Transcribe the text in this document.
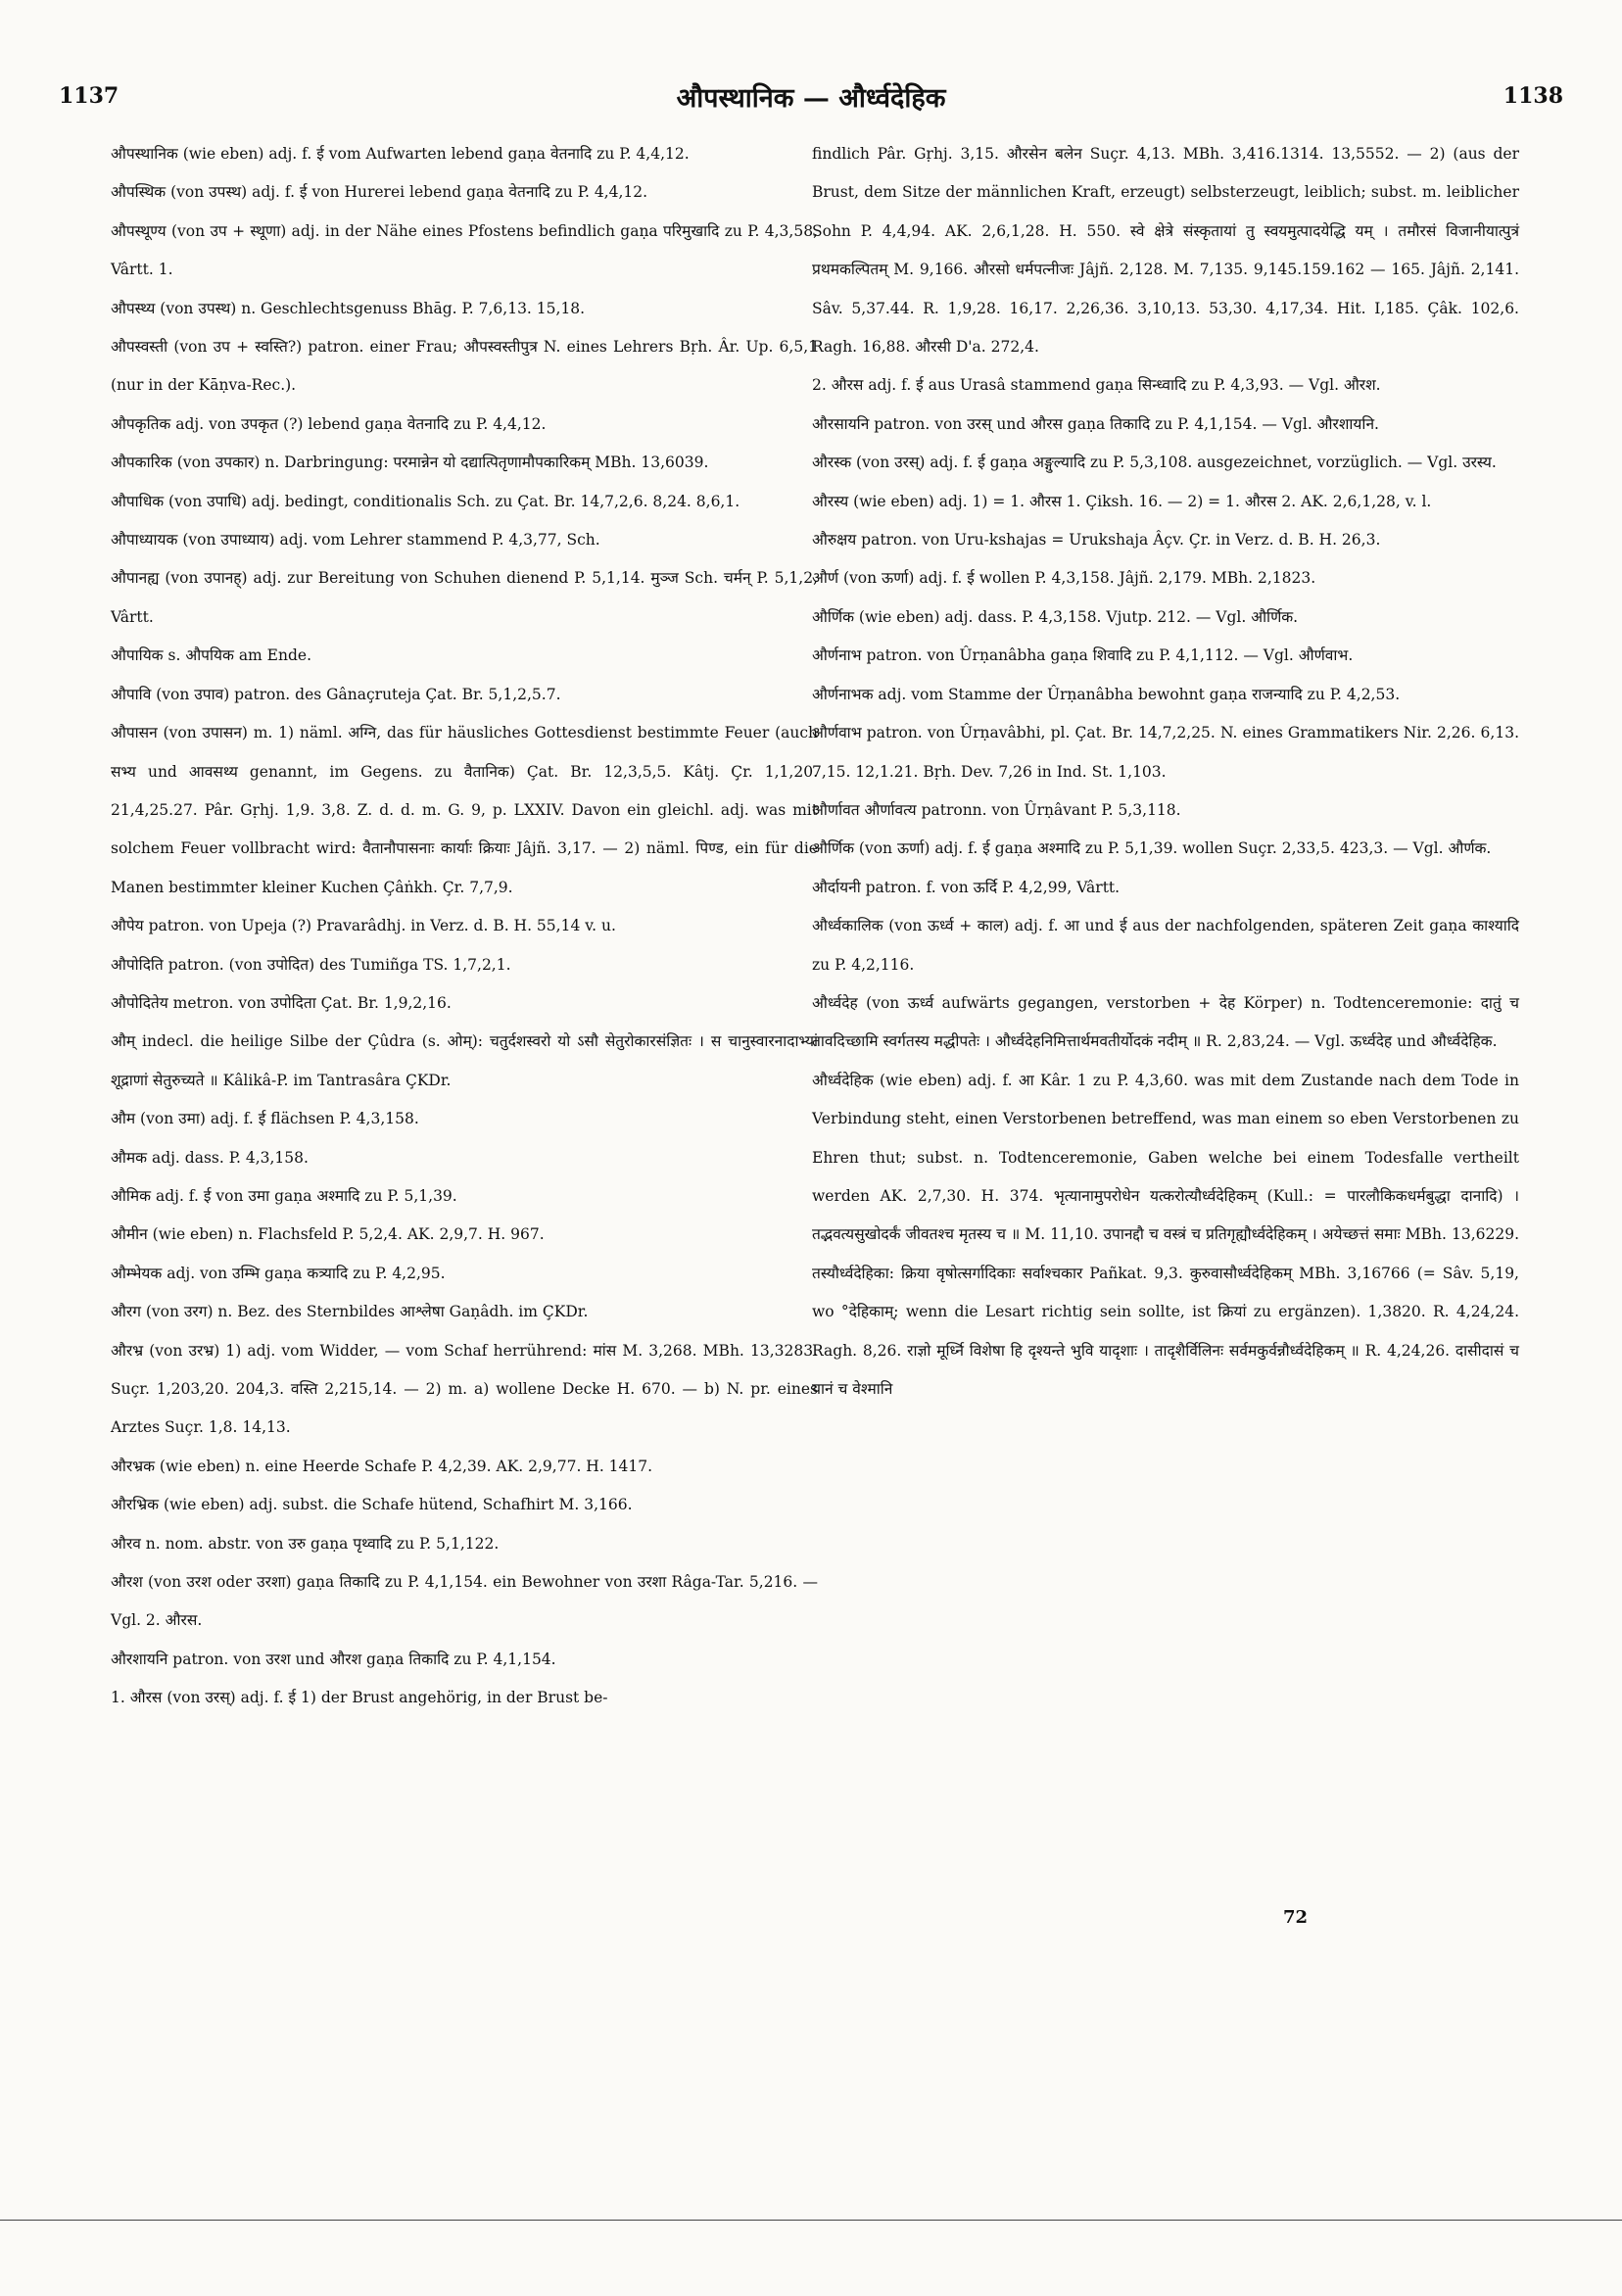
1137	औपस्थानिक — और्ध्वदेहिक	1138

औपस्थानिक (wie eben) adj. f. ई vom Aufwarten lebend gaṇa वेतनादि zu P. 4,4,12.

औपस्थिक (von उपस्थ) adj. f. ई von Hurerei lebend gaṇa वेतनादि zu P. 4,4,12.

औपस्थूण्य (von उप + स्थूणा) adj. in der Nähe eines Pfostens befindlich gaṇa परिमुखादि zu P. 4,3,58, Vârtt. 1.

औपस्थ्य (von उपस्थ) n. Geschlechtsgenuss Bhāg. P. 7,6,13. 15,18.

औपस्वस्ती (von उप + स्वस्ति?) patron. einer Frau; औपस्वस्तीपुत्र N. eines Lehrers Bṛh. Âr. Up. 6,5,1 (nur in der Kāṇva-Rec.).

औपकृतिक adj. von उपकृत (?) lebend gaṇa वेतनादि zu P. 4,4,12.

औपकारिक (von उपकार) n. Darbringung: परमान्नेन यो दद्यात्पितृणामौपकारिकम् MBh. 13,6039.

औपाधिक (von उपाधि) adj. bedingt, conditionalis Sch. zu Çat. Br. 14,7,2,6. 8,24. 8,6,1.

औपाध्यायक (von उपाध्याय) adj. vom Lehrer stammend P. 4,3,77, Sch.

औपानह्य (von उपानह्) adj. zur Bereitung von Schuhen dienend P. 5,1,14. मुञ्ज Sch. चर्मन् P. 5,1,2, Vârtt.

औपायिक s. औपयिक am Ende.

औपावि (von उपाव) patron. des Gânaçruteja Çat. Br. 5,1,2,5.7.

औपासन (von उपासन) m. 1) näml. अग्नि, das für häusliches Gottesdienst bestimmte Feuer (auch सभ्य und आवसथ्य genannt, im Gegens. zu वैतानिक) Çat. Br. 12,3,5,5. Kâtj. Çr. 1,1,20. 21,4,25.27. Pâr. Gṛhj. 1,9. 3,8. Z. d. d. m. G. 9, p. LXXIV. Davon ein gleichl. adj. was mit solchem Feuer vollbracht wird: वैतानौपासनाः कार्याः क्रियाः Jâjñ. 3,17. — 2) näml. पिण्ड, ein für die Manen bestimmter kleiner Kuchen Çâṅkh. Çr. 7,7,9.

औपेय patron. von Upeja (?) Pravarâdhj. in Verz. d. B. H. 55,14 v. u.

औपोदिति patron. (von उपोदित) des Tumiñga TS. 1,7,2,1.

औपोदितेय metron. von उपोदिता Çat. Br. 1,9,2,16.

औम् indecl. die heilige Silbe der Çûdra (s. ओम्): चतुर्दशस्वरो यो ऽसौ सेतुरोकारसंज्ञितः । स चानुस्वारनादाभ्यां शूद्राणां सेतुरुच्यते ॥ Kâlikâ-P. im Tantrasâra ÇKDr.

औम (von उमा) adj. f. ई flächsen P. 4,3,158.

औमक adj. dass. P. 4,3,158.

औमिक adj. f. ई von उमा gaṇa अश्मादि zu P. 5,1,39.

औमीन (wie eben) n. Flachsfeld P. 5,2,4. AK. 2,9,7. H. 967.

औम्भेयक adj. von उम्भि gaṇa कत्र्यादि zu P. 4,2,95.

औरग (von उरग) n. Bez. des Sternbildes आश्लेषा Gaṇâdh. im ÇKDr.

औरभ्र (von उरभ्र) 1) adj. vom Widder, — vom Schaf herrührend: मांस M. 3,268. MBh. 13,3283. Suçr. 1,203,20. 204,3. वस्ति 2,215,14. — 2) m. a) wollene Decke H. 670. — b) N. pr. eines Arztes Suçr. 1,8. 14,13.

औरभ्रक (wie eben) n. eine Heerde Schafe P. 4,2,39. AK. 2,9,77. H. 1417.

औरभ्रिक (wie eben) adj. subst. die Schafe hütend, Schafhirt M. 3,166.

औरव n. nom. abstr. von उरु gaṇa पृथ्वादि zu P. 5,1,122.

औरश (von उरश oder उरशा) gaṇa तिकादि zu P. 4,1,154. ein Bewohner von उरशा Râga-Tar. 5,216. — Vgl. 2. औरस.

औरशायनि patron. von उरश und औरश gaṇa तिकादि zu P. 4,1,154.

1. औरस (von उरस्) adj. f. ई 1) der Brust angehörig, in der Brust be-

findlich Pâr. Gṛhj. 3,15. औरसेन बलेन Suçr. 4,13. MBh. 3,416.1314. 13,5552. — 2) (aus der Brust, dem Sitze der männlichen Kraft, erzeugt) selbsterzeugt, leiblich; subst. m. leiblicher Sohn P. 4,4,94. AK. 2,6,1,28. H. 550. स्वे क्षेत्रे संस्कृतायां तु स्वयमुत्पादयेद्धि यम् । तमौरसं विजानीयात्पुत्रं प्रथमकल्पितम् M. 9,166. औरसो धर्मपत्नीजः Jâjñ. 2,128. M. 7,135. 9,145.159.162 — 165. Jâjñ. 2,141. Sâv. 5,37.44. R. 1,9,28. 16,17. 2,26,36. 3,10,13. 53,30. 4,17,34. Hit. I,185. Çâk. 102,6. Ragh. 16,88. औरसी D'a. 272,4.

2. औरस adj. f. ई aus Urasâ stammend gaṇa सिन्ध्वादि zu P. 4,3,93. — Vgl. औरश.

औरसायनि patron. von उरस् und औरस gaṇa तिकादि zu P. 4,1,154. — Vgl. औरशायनि.

औरस्क (von उरस्) adj. f. ई gaṇa अङ्गुल्यादि zu P. 5,3,108. ausgezeichnet, vorzüglich. — Vgl. उरस्य.

औरस्य (wie eben) adj. 1) = 1. औरस 1. Çiksh. 16. — 2) = 1. औरस 2. AK. 2,6,1,28, v. l.

औरुक्षय patron. von Uru-kshajas = Urukshaja Âçv. Çr. in Verz. d. B. H. 26,3.

और्ण (von ऊर्णा) adj. f. ई wollen P. 4,3,158. Jâjñ. 2,179. MBh. 2,1823.

और्णिक (wie eben) adj. dass. P. 4,3,158. Vjutp. 212. — Vgl. और्णिक.

और्णनाभ patron. von Ûrṇanâbha gaṇa शिवादि zu P. 4,1,112. — Vgl. और्णवाभ.

और्णनाभक adj. vom Stamme der Ûrṇanâbha bewohnt gaṇa राजन्यादि zu P. 4,2,53.

और्णवाभ patron. von Ûrṇavâbhi, pl. Çat. Br. 14,7,2,25. N. eines Grammatikers Nir. 2,26. 6,13. 7,15. 12,1.21. Bṛh. Dev. 7,26 in Ind. St. 1,103.

और्णावत और्णावत्य patronn. von Ûrṇâvant P. 5,3,118.

और्णिक (von ऊर्णा) adj. f. ई gaṇa अश्मादि zu P. 5,1,39. wollen Suçr. 2,33,5. 423,3. — Vgl. और्णक.

और्दायनी patron. f. von ऊर्दि P. 4,2,99, Vârtt.

और्ध्वकालिक (von ऊर्ध्व + काल) adj. f. आ und ई aus der nachfolgenden, späteren Zeit gaṇa काश्यादि zu P. 4,2,116.

और्ध्वदेह (von ऊर्ध्व aufwärts gegangen, verstorben + देह Körper) n. Todtenceremonie: दातुं च तावदिच्छामि स्वर्गतस्य मद्धीपतेः । और्ध्वदेहनिमित्तार्थमवतीर्योदकं नदीम् ॥ R. 2,83,24. — Vgl. ऊर्ध्वदेह und और्ध्वदेहिक.

और्ध्वदेहिक (wie eben) adj. f. आ Kâr. 1 zu P. 4,3,60. was mit dem Zustande nach dem Tode in Verbindung steht, einen Verstorbenen betreffend, was man einem so eben Verstorbenen zu Ehren thut; subst. n. Todtenceremonie, Gaben welche bei einem Todesfalle vertheilt werden AK. 2,7,30. H. 374. भृत्यानामुपरोधेन यत्करोत्यौर्ध्वदेहिकम् (Kull.: = पारलौकिकधर्मबुद्धा दानादि) । तद्भवत्यसुखोदर्कं जीवतश्च मृतस्य च ॥ M. 11,10. उपानद्दौ च वस्त्रं च प्रतिगृह्यौर्ध्वदेहिकम् । अयेच्छत्तं समाः MBh. 13,6229. तस्यौर्ध्वदेहिका: क्रिया वृषोत्सर्गादिकाः सर्वाश्चकार Pañkat. 9,3. कुरुवासौर्ध्वदेहिकम् MBh. 3,16766 (= Sâv. 5,19, wo °देहिकाम्; wenn die Lesart richtig sein sollte, ist क्रियां zu ergänzen). 1,3820. R. 4,24,24. Ragh. 8,26. राज्ञो मूर्ध्नि विशेषा हि दृश्यन्ते भुवि यादृशाः । तादृशैर्विलिनः सर्वमकुर्वन्नौर्ध्वदेहिकम् ॥ R. 4,24,26. दासीदासं च यानं च वेश्मानि

72
